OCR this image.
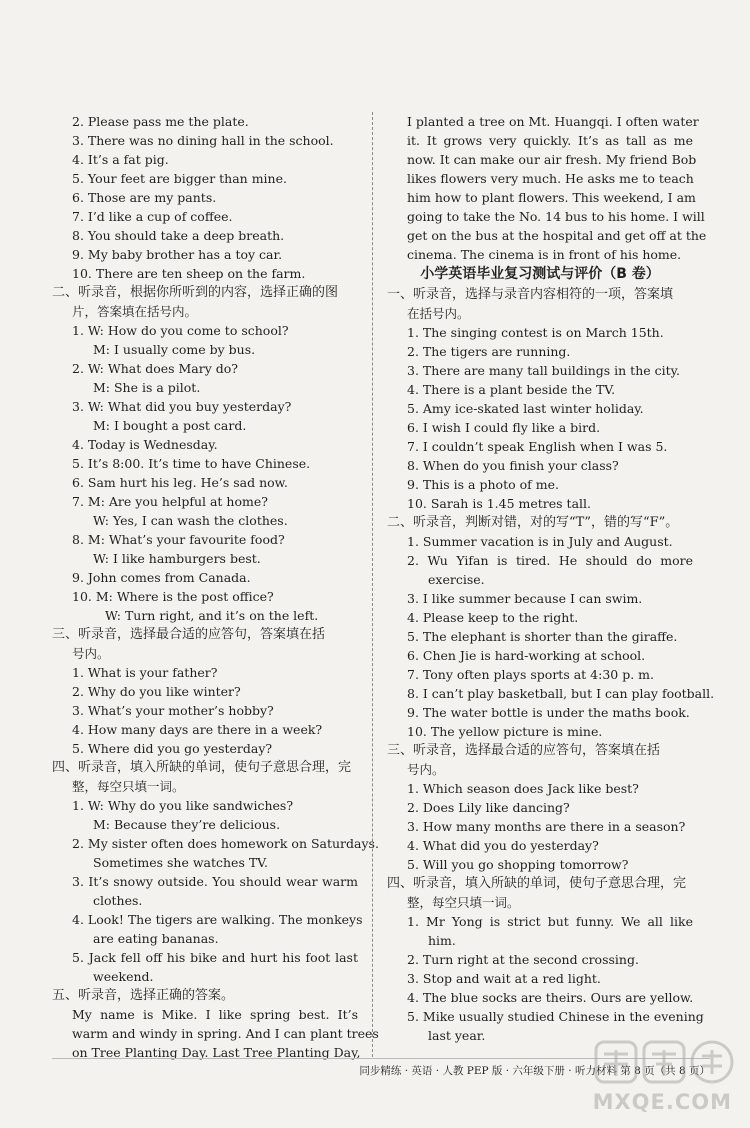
2. Please pass me the plate.
3. There was no dining hall in the school.
4. It’s a fat pig.
5. Your feet are bigger than mine.
6. Those are my pants.
7. I’d like a cup of coffee.
8. You should take a deep breath.
9. My baby brother has a toy car.
10. There are ten sheep on the farm.
二、听录音，根据你所听到的内容，选择正确的图
片，答案填在括号内。
1. W: How do you come to school?
M: I usually come by bus.
2. W: What does Mary do?
M: She is a pilot.
3. W: What did you buy yesterday?
M: I bought a post card.
4. Today is Wednesday.
5. It’s 8:00. It’s time to have Chinese.
6. Sam hurt his leg. He’s sad now.
7. M: Are you helpful at home?
W: Yes, I can wash the clothes.
8. M: What’s your favourite food?
W: I like hamburgers best.
9. John comes from Canada.
10. M: Where is the post office?
W: Turn right, and it’s on the left.
三、听录音，选择最合适的应答句，答案填在括
号内。
1. What is your father?
2. Why do you like winter?
3. What’s your mother’s hobby?
4. How many days are there in a week?
5. Where did you go yesterday?
四、听录音，填入所缺的单词，使句子意思合理，完
整，每空只填一词。
1. W: Why do you like sandwiches?
M: Because they’re delicious.
2. My sister often does homework on Saturdays.
Sometimes she watches TV.
3. It’s snowy outside. You should wear warm
clothes.
4. Look! The tigers are walking. The monkeys
are eating bananas.
5. Jack fell off his bike and hurt his foot last
weekend.
五、听录音，选择正确的答案。
My name is Mike. I like spring best. It’s
warm and windy in spring. And I can plant trees
on Tree Planting Day. Last Tree Planting Day,
I planted a tree on Mt. Huangqi. I often water
it. It grows very quickly. It’s as tall as me
now. It can make our air fresh. My friend Bob
likes flowers very much. He asks me to teach
him how to plant flowers. This weekend, I am
going to take the No. 14 bus to his home. I will
get on the bus at the hospital and get off at the
cinema. The cinema is in front of his home.
小学英语毕业复习测试与评价（B 卷）
一、听录音，选择与录音内容相符的一项，答案填
在括号内。
1. The singing contest is on March 15th.
2. The tigers are running.
3. There are many tall buildings in the city.
4. There is a plant beside the TV.
5. Amy ice-skated last winter holiday.
6. I wish I could fly like a bird.
7. I couldn’t speak English when I was 5.
8. When do you finish your class?
9. This is a photo of me.
10. Sarah is 1.45 metres tall.
二、听录音，判断对错，对的写“T”，错的写“F”。
1. Summer vacation is in July and August.
2. Wu Yifan is tired. He should do more
exercise.
3. I like summer because I can swim.
4. Please keep to the right.
5. The elephant is shorter than the giraffe.
6. Chen Jie is hard-working at school.
7. Tony often plays sports at 4:30 p. m.
8. I can’t play basketball, but I can play football.
9. The water bottle is under the maths book.
10. The yellow picture is mine.
三、听录音，选择最合适的应答句，答案填在括
号内。
1. Which season does Jack like best?
2. Does Lily like dancing?
3. How many months are there in a season?
4. What did you do yesterday?
5. Will you go shopping tomorrow?
四、听录音，填入所缺的单词，使句子意思合理，完
整，每空只填一词。
1. Mr Yong is strict but funny. We all like
him.
2. Turn right at the second crossing.
3. Stop and wait at a red light.
4. The blue socks are theirs. Ours are yellow.
5. Mike usually studied Chinese in the evening
last year.
同步精练 · 英语 · 人教 PEP 版 · 六年级下册 · 听力材料 第 8 页（共 8 页）
MXQE.COM
